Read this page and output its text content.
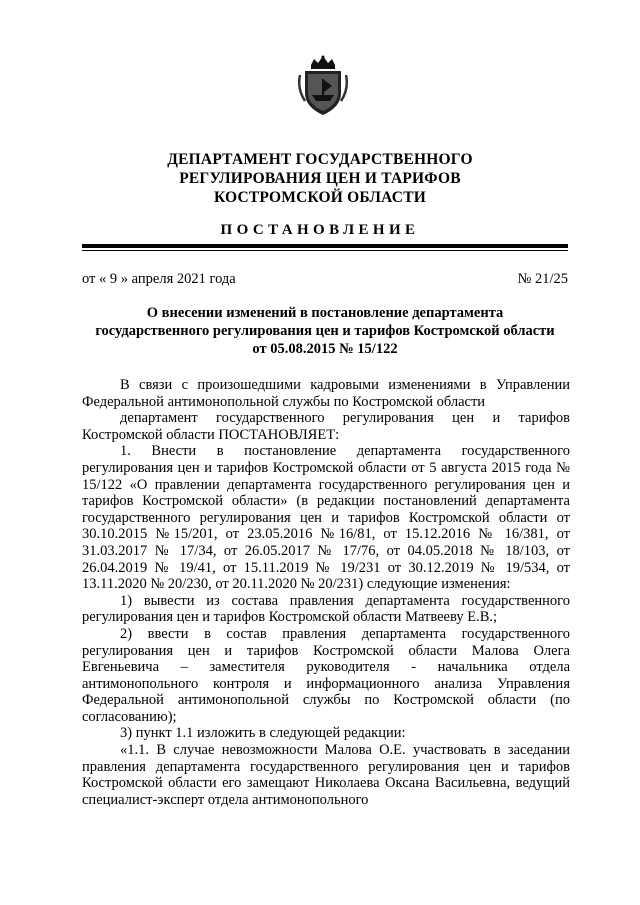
ДЕПАРТАМЕНТ ГОСУДАРСТВЕННОГО
РЕГУЛИРОВАНИЯ ЦЕН И ТАРИФОВ
КОСТРОМСКОЙ ОБЛАСТИ
ПОСТАНОВЛЕНИЕ
от « 9 » апреля 2021 года	№ 21/25
О внесении изменений в постановление департамента
государственного регулирования цен и тарифов Костромской области
от 05.08.2015 № 15/122

В связи с произошедшими кадровыми изменениями в Управлении Федеральной антимонопольной службы по Костромской области

департамент государственного регулирования цен и тарифов Костромской области ПОСТАНОВЛЯЕТ:

1. Внести в постановление департамента государственного регулирования цен и тарифов Костромской области от 5 августа 2015 года № 15/122 «О правлении департамента государственного регулирования цен и тарифов Костромской области» (в редакции постановлений департамента государственного регулирования цен и тарифов Костромской области от 30.10.2015 №15/201, от 23.05.2016 №16/81, от 15.12.2016 № 16/381, от 31.03.2017 № 17/34, от 26.05.2017 № 17/76, от 04.05.2018 № 18/103, от 26.04.2019 № 19/41, от 15.11.2019 № 19/231 от 30.12.2019 № 19/534, от 13.11.2020 № 20/230, от 20.11.2020 № 20/231) следующие изменения:

1) вывести из состава правления департамента государственного регулирования цен и тарифов Костромской области Матвееву Е.В.;

2) ввести в состав правления департамента государственного регулирования цен и тарифов Костромской области Малова Олега Евгеньевича – заместителя руководителя - начальника отдела антимонопольного контроля и информационного анализа Управления Федеральной антимонопольной службы по Костромской области (по согласованию);

3) пункт 1.1 изложить в следующей редакции:

«1.1. В случае невозможности Малова О.Е. участвовать в заседании правления департамента государственного регулирования цен и тарифов Костромской области его замещают Николаева Оксана Васильевна, ведущий специалист-эксперт отдела антимонопольного
